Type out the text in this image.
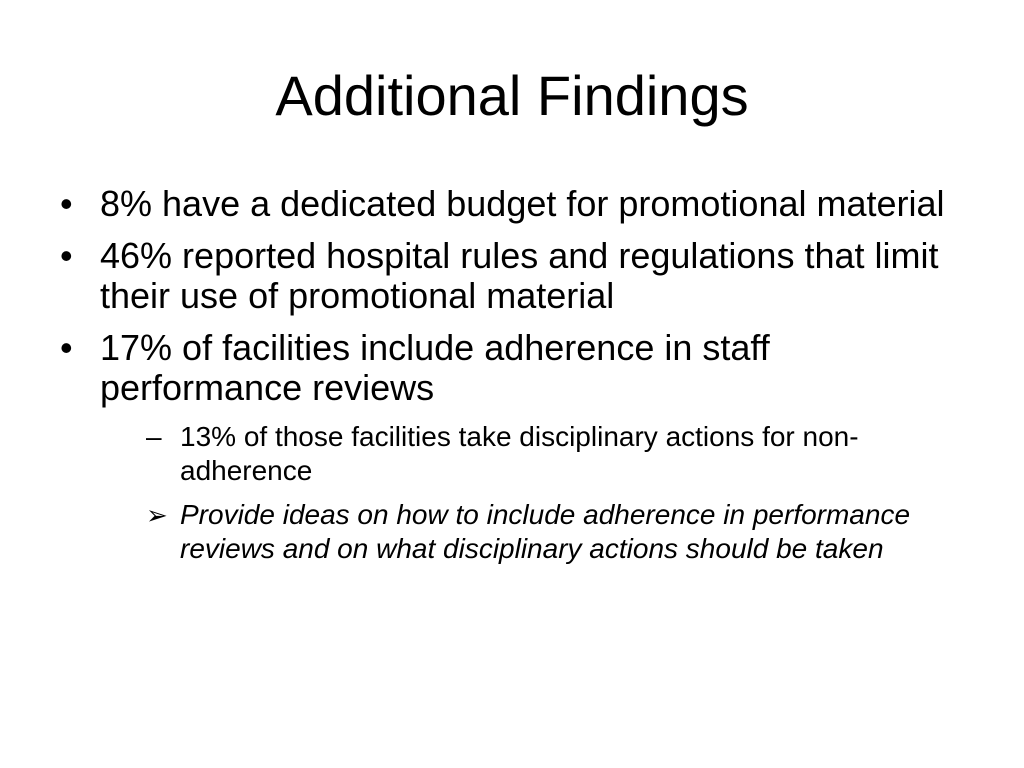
Additional Findings
• 8% have a dedicated budget for promotional material
• 46% reported hospital rules and regulations that limit their use of promotional material
• 17% of facilities include adherence in staff performance reviews
– 13% of those facilities take disciplinary actions for non-adherence
➢ Provide ideas on how to include adherence in performance reviews and on what disciplinary actions should be taken
